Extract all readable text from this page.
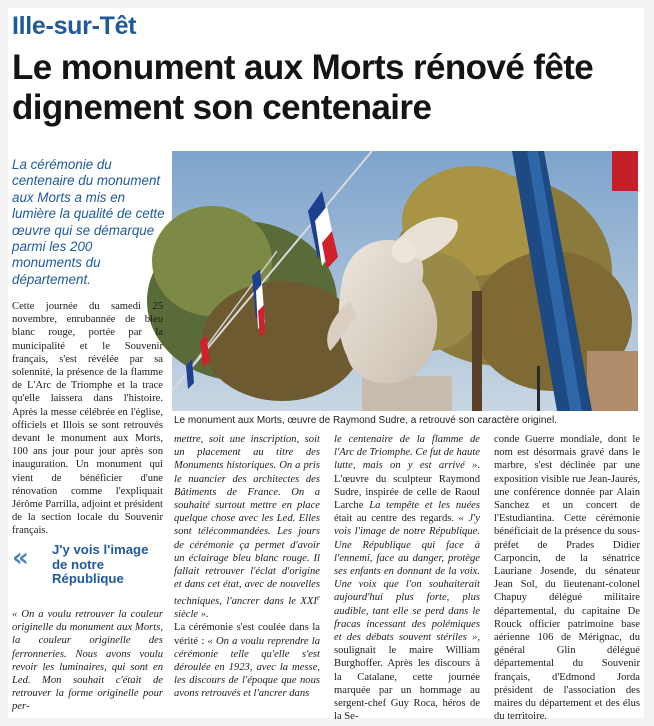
Ille-sur-Têt
Le monument aux Morts rénové fête dignement son centenaire
La cérémonie du centenaire du monument aux Morts a mis en lumière la qualité de cette œuvre qui se démarque parmi les 200 monuments du département.
Le monument aux Morts, œuvre de Raymond Sudre, a retrouvé son caractère originel.

Cette journée du samedi 25 novembre, enrubannée de bleu blanc rouge, portée par la municipalité et le Souvenir français, s'est révélée par sa solennité, la présence de la flamme de L'Arc de Triomphe et la trace qu'elle laissera dans l'histoire. Après la messe célébrée en l'église, officiels et Illois se sont retrouvés devant le monument aux Morts, 100 ans jour pour jour après son inauguration. Un monument qui vient de bénéficier d'une rénovation comme l'expliquait Jérôme Parrilla, adjoint et président de la section locale du Souvenir français.

« J'y vois l'image de notre République

« On a voulu retrouver la couleur originelle du monument aux Morts, la couleur originelle des ferronneries. Nous avons voulu revoir les luminaires, qui sont en Led. Mon souhait c'était de retrouver la forme originelle pour per-

mettre, soit une inscription, soit un placement au titre des Monuments historiques. On a pris le nuancier des architectes des Bâtiments de France. On a souhaité surtout mettre en place quelque chose avec les Led. Elles sont télécommandées. Les jours de cérémonie ça permet d'avoir un éclairage bleu blanc rouge. Il fallait retrouver l'éclat d'origine et dans cet état, avec de nouvelles techniques, l'ancrer dans le XXIe siècle ».

La cérémonie s'est coulée dans la vérité : « On a voulu reprendre la cérémonie telle qu'elle s'est déroulée en 1923, avec la messe, les discours de l'époque que nous avons retrouvés et l'ancrer dans

le centenaire de la flamme de l'Arc de Triomphe. Ce fut de haute lutte, mais on y est arrivé ». L'œuvre du sculpteur Raymond Sudre, inspirée de celle de Raoul Larche La tempête et les nuées était au centre des regards. « J'y vois l'image de notre République. Une République qui face à l'ennemi, face au danger, protège ses enfants en donnant de la voix. Une voix que l'on souhaiterait aujourd'hui plus forte, plus audible, tant elle se perd dans le fracas incessant des polémiques et des débats souvent stériles », soulignait le maire William Burghoffer. Après les discours à la Catalane, cette journée marquée par un hommage au sergent-chef Guy Roca, héros de la Se-

conde Guerre mondiale, dont le nom est désormais gravé dans le marbre, s'est déclinée par une exposition visible rue Jean-Jaurés, une conférence donnée par Alain Sanchez et un concert de l'Estudiantina. Cette cérémonie bénéficiait de la présence du sous-préfet de Prades Didier Carponcin, de la sénatrice Lauriane Josende, du sénateur Jean Sol, du lieutenant-colonel Chapuy délégué militaire départemental, du capitaine De Rouck officier patrimoine base aérienne 106 de Mérignac, du général Glin délégué départemental du Souvenir français, d'Edmond Jorda président de l'association des maires du département et des élus du territoire.
